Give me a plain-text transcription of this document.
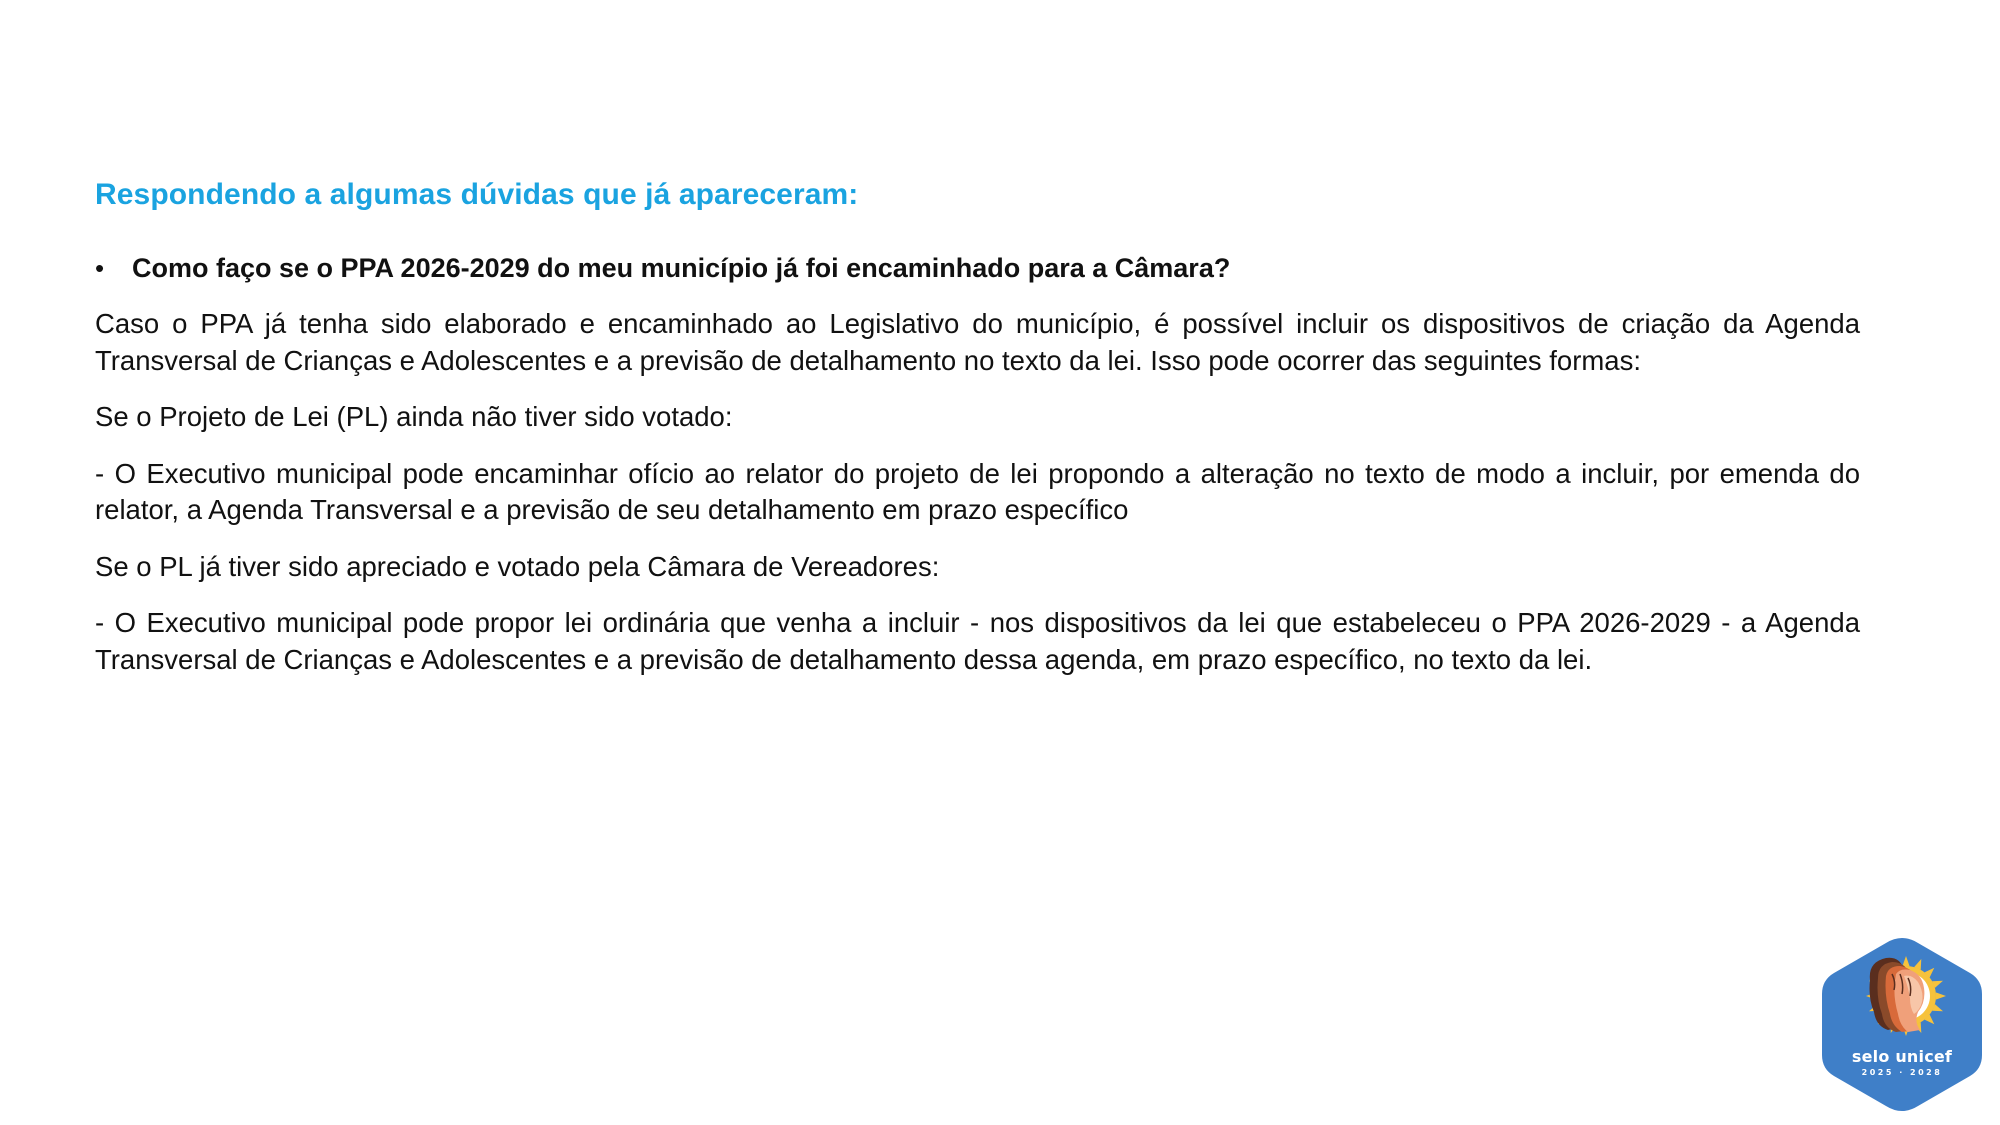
Respondendo a algumas dúvidas que já apareceram:
•	Como faço se o PPA 2026-2029 do meu município já foi encaminhado para a Câmara?

Caso o PPA já tenha sido elaborado e encaminhado ao Legislativo do município, é possível incluir os dispositivos de criação da Agenda Transversal de Crianças e Adolescentes e a previsão de detalhamento no texto da lei. Isso pode ocorrer das seguintes formas:

Se o Projeto de Lei (PL) ainda não tiver sido votado:

- O Executivo municipal pode encaminhar ofício ao relator do projeto de lei propondo a alteração no texto de modo a incluir, por emenda do relator, a Agenda Transversal e a previsão de seu detalhamento em prazo específico

Se o PL já tiver sido apreciado e votado pela Câmara de Vereadores:

- O Executivo municipal pode propor lei ordinária que venha a incluir - nos dispositivos da lei que estabeleceu o PPA 2026-2029 - a Agenda Transversal de Crianças e Adolescentes e a previsão de detalhamento dessa agenda, em prazo específico, no texto da lei.

selo unicef
2025 · 2028
